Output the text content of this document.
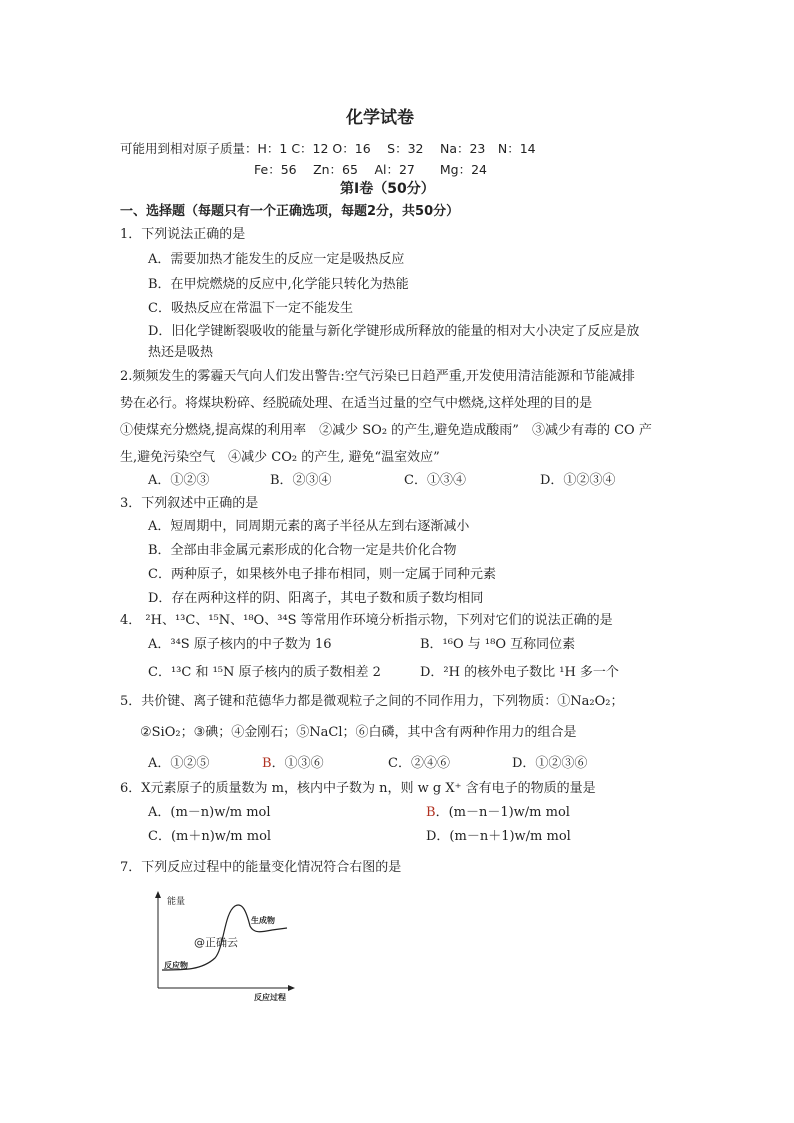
化学试卷
可能用到相对原子质量：H：1 C：12 O：16　 S：32　 Na：23　N：14
Fe：56　 Zn：65　 Al：27　　Mg：24
第Ⅰ卷（50分）
一、选择题（每题只有一个正确选项，每题2分，共50分）
1．下列说法正确的是
A．需要加热才能发生的反应一定是吸热反应
B．在甲烷燃烧的反应中,化学能只转化为热能
C．吸热反应在常温下一定不能发生
D．旧化学键断裂吸收的能量与新化学键形成所释放的能量的相对大小决定了反应是放
热还是吸热
2.频频发生的雾霾天气向人们发出警告:空气污染已日趋严重,开发使用清洁能源和节能减排
势在必行。将煤块粉碎、经脱硫处理、在适当过量的空气中燃烧,这样处理的目的是
①使煤充分燃烧,提高煤的利用率　②减少 SO₂ 的产生,避免造成酸雨”　③减少有毒的 CO 产
生,避免污染空气　④减少 CO₂ 的产生, 避免“温室效应”
A．①②③	B．②③④	C．①③④	D．①②③④
3．下列叙述中正确的是
A．短周期中，同周期元素的离子半径从左到右逐渐减小
B．全部由非金属元素形成的化合物一定是共价化合物
C．两种原子，如果核外电子排布相同，则一定属于同种元素
D．存在两种这样的阴、阳离子，其电子数和质子数均相同
4． ²H、¹³C、¹⁵N、¹⁸O、³⁴S 等常用作环境分析指示物，下列对它们的说法正确的是
A．³⁴S 原子核内的中子数为 16	B．¹⁶O 与 ¹⁸O 互称同位素
C．¹³C 和 ¹⁵N 原子核内的质子数相差 2	D．²H 的核外电子数比 ¹H 多一个
5．共价键、离子键和范德华力都是微观粒子之间的不同作用力，下列物质：①Na₂O₂；
②SiO₂；③碘；④金刚石；⑤NaCl；⑥白磷，其中含有两种作用力的组合是
A．①②⑤	B．①③⑥	C．②④⑥	D．①②③⑥
6．X元素原子的质量数为 m，核内中子数为 n，则 w g X⁺ 含有电子的物质的量是
A．(m－n)w/m mol	B．(m－n－1)w/m mol
C．(m＋n)w/m mol	D．(m－n＋1)w/m mol
7．下列反应过程中的能量变化情况符合右图的是
能量
生成物
@正确云
反应物
反应过程
